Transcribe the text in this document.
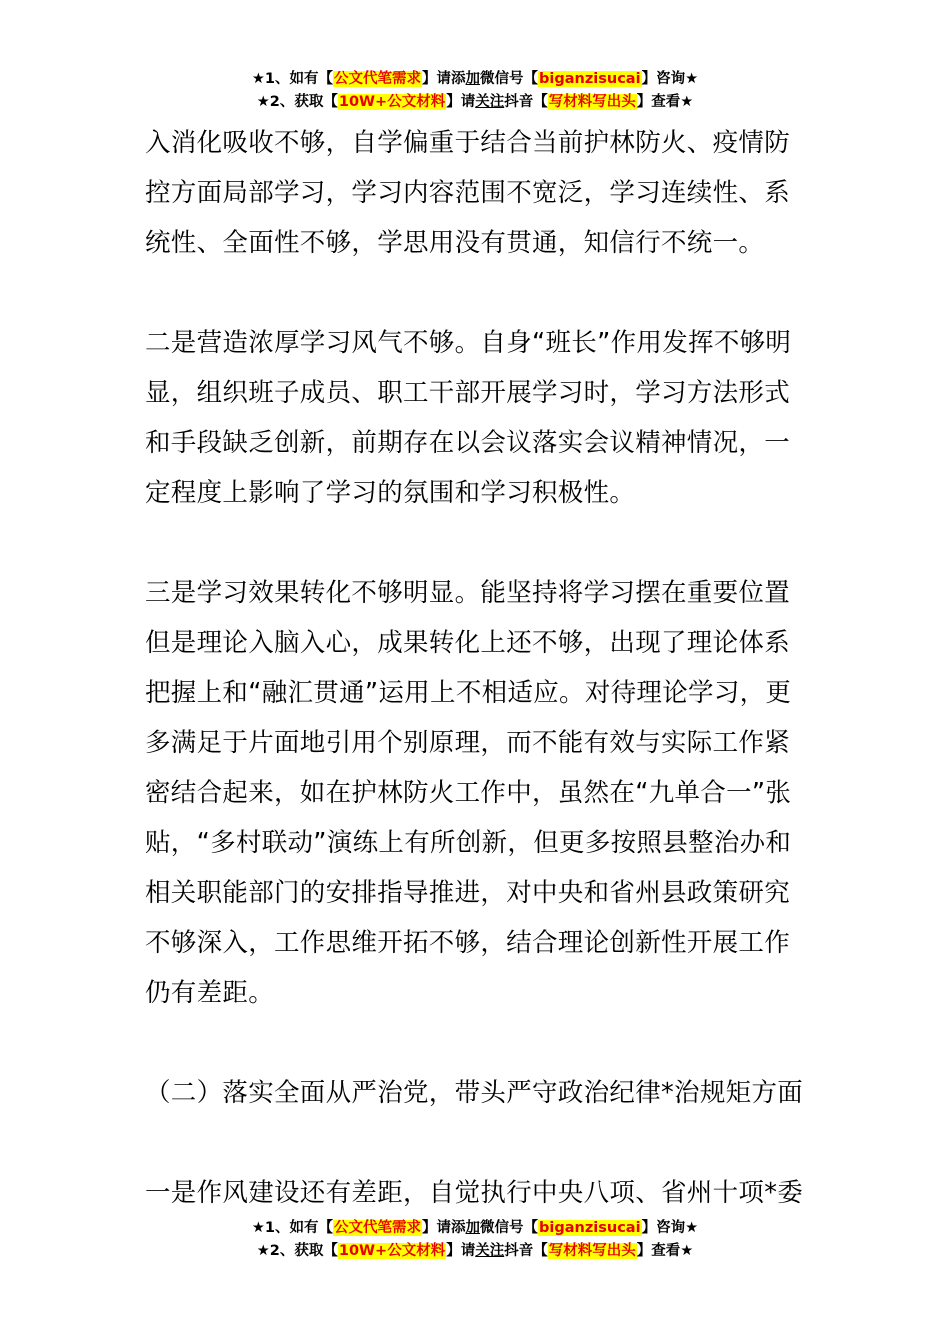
★1、如有【公文代笔需求】请添加微信号【biganzisucai】咨询★
★2、获取【10W+公文材料】请关注抖音【写材料写出头】查看★

入消化吸收不够，自学偏重于结合当前护林防火、疫情防控方面局部学习，学习内容范围不宽泛，学习连续性、系统性、全面性不够，学思用没有贯通，知信行不统一。

二是营造浓厚学习风气不够。自身“班长”作用发挥不够明显，组织班子成员、职工干部开展学习时，学习方法形式和手段缺乏创新，前期存在以会议落实会议精神情况，一定程度上影响了学习的氛围和学习积极性。

三是学习效果转化不够明显。能坚持将学习摆在重要位置但是理论入脑入心，成果转化上还不够，出现了理论体系把握上和“融汇贯通”运用上不相适应。对待理论学习，更多满足于片面地引用个别原理，而不能有效与实际工作紧密结合起来，如在护林防火工作中，虽然在“九单合一”张贴，“多村联动”演练上有所创新，但更多按照县整治办和相关职能部门的安排指导推进，对中央和省州县政策研究不够深入，工作思维开拓不够，结合理论创新性开展工作仍有差距。

（二）落实全面从严治党，带头严守政治纪律*治规矩方面

一是作风建设还有差距，自觉执行中央八项、省州十项*委

★1、如有【公文代笔需求】请添加微信号【biganzisucai】咨询★
★2、获取【10W+公文材料】请关注抖音【写材料写出头】查看★
